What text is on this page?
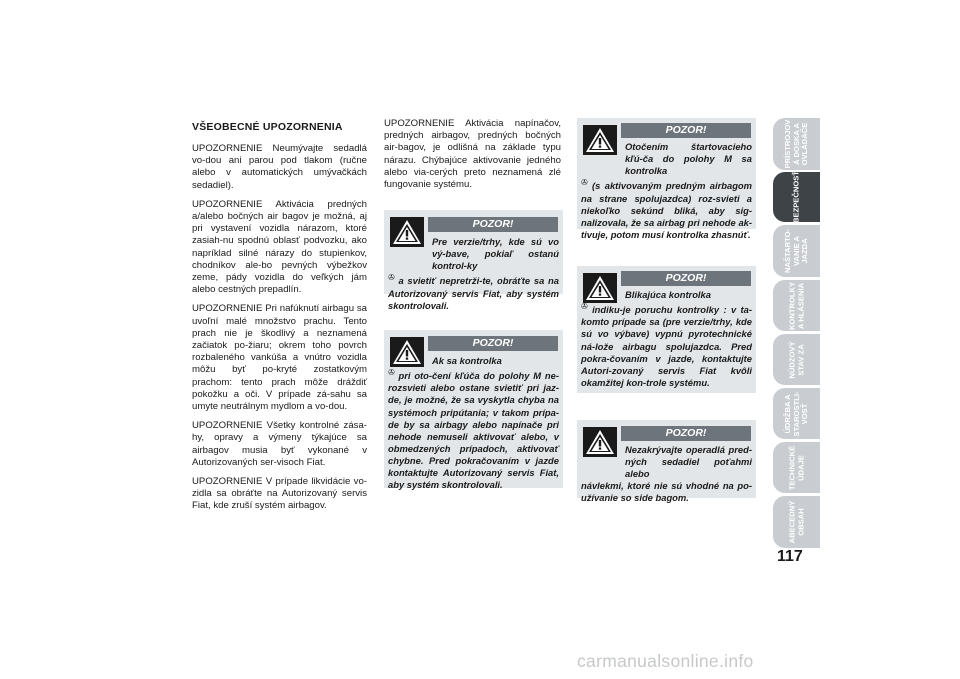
VŠEOBECNÉ UPOZORNENIA

UPOZORNENIE Neumývajte sedadlá vo-dou ani parou pod tlakom (ručne alebo v automatických umývačkách sedadiel).

UPOZORNENIE Aktivácia predných a/alebo bočných air bagov je možná, aj pri vystavení vozidla nárazom, ktoré zasiah-nu spodnú oblasť podvozku, ako napríklad silné nárazy do stupienkov, chodníkov ale-bo pevných výbežkov zeme, pády vozidla do veľkých jám alebo cestných prepadlín.

UPOZORNENIE Pri nafúknutí airbagu sa uvoľní malé množstvo prachu. Tento prach nie je škodlivý a neznamená začiatok po-žiaru; okrem toho povrch rozbaleného vankúša a vnútro vozidla môžu byť po-kryté zostatkovým prachom: tento prach môže dráždiť pokožku a oči. V prípade zá-sahu sa umyte neutrálnym mydlom a vo-dou.

UPOZORNENIE Všetky kontrolné zása-hy, opravy a výmeny týkajúce sa airbagov musia byť vykonané v Autorizovaných ser-visoch Fiat.

UPOZORNENIE V prípade likvidácie vo-zidla sa obráťte na Autorizovaný servis Fiat, kde zruší systém airbagov.

UPOZORNENIE Aktivácia napínačov, predných airbagov, predných bočných air-bagov, je odlišná na základe typu nárazu. Chýbajúce aktivovanie jedného alebo via-cerých preto neznamená zlé fungovanie systému.

POZOR!
Pre verzie/trhy, kde sú vo vý-bave, pokiaľ ostanú kontrol-ky
✇ a svietiť nepretrži-te, obráťte sa na Autorizovaný servis Fiat, aby systém skontrolovali.
POZOR!
Ak sa kontrolka
✇ pri oto-čení kľúča do polohy M ne-rozsvieti alebo ostane svietiť pri jaz-de, je možné, že sa vyskytla chyba na systémoch pripútania; v takom prípa-de by sa airbagy alebo napínače pri nehode nemuseli aktivovať alebo, v obmedzených prípadoch, aktivovať chybne. Pred pokračovaním v jazde kontaktujte Autorizovaný servis Fiat, aby systém skontrolovali.
POZOR!
Otočením štartovacieho kľú-ča do polohy M sa kontrolka
✇ (s aktivovaným predným airbagom na strane spolujazdca) roz-svieti a niekoľko sekúnd bliká, aby sig-nalizovala, že sa airbag pri nehode ak-tivuje, potom musí kontrolka zhasnúť.
POZOR!
Blikajúca kontrolka
✇ indiku-je poruchu kontrolky : v ta-komto prípade sa (pre verzie/trhy, kde sú vo výbave) vypnú pyrotechnické ná-lože airbagu spolujazdca. Pred pokra-čovaním v jazde, kontaktujte Autori-zovaný servis Fiat kvôli okamžitej kon-trole systému.
POZOR!
Nezakrývajte operadlá pred-ných sedadiel poťahmi alebo
návlekmi, ktoré nie sú vhodné na po-užívanie so side bagom.
PRÍSTROJOV
Á DOSKA A
OVLÁDAČE
BEZPEČNOSŤ
NAŠTARTO-
VANIE A
JAZDA
KONTROLKY
A HLÁSENIA
NÚDZOVÝ
STAV ZA
ÚDRŽBA A
STAROSTLI-
VOSŤ
TECHNICKÉ
ÚDAJE
ABECEDNÝ
OBSAH
117
carmanualsonline.info
